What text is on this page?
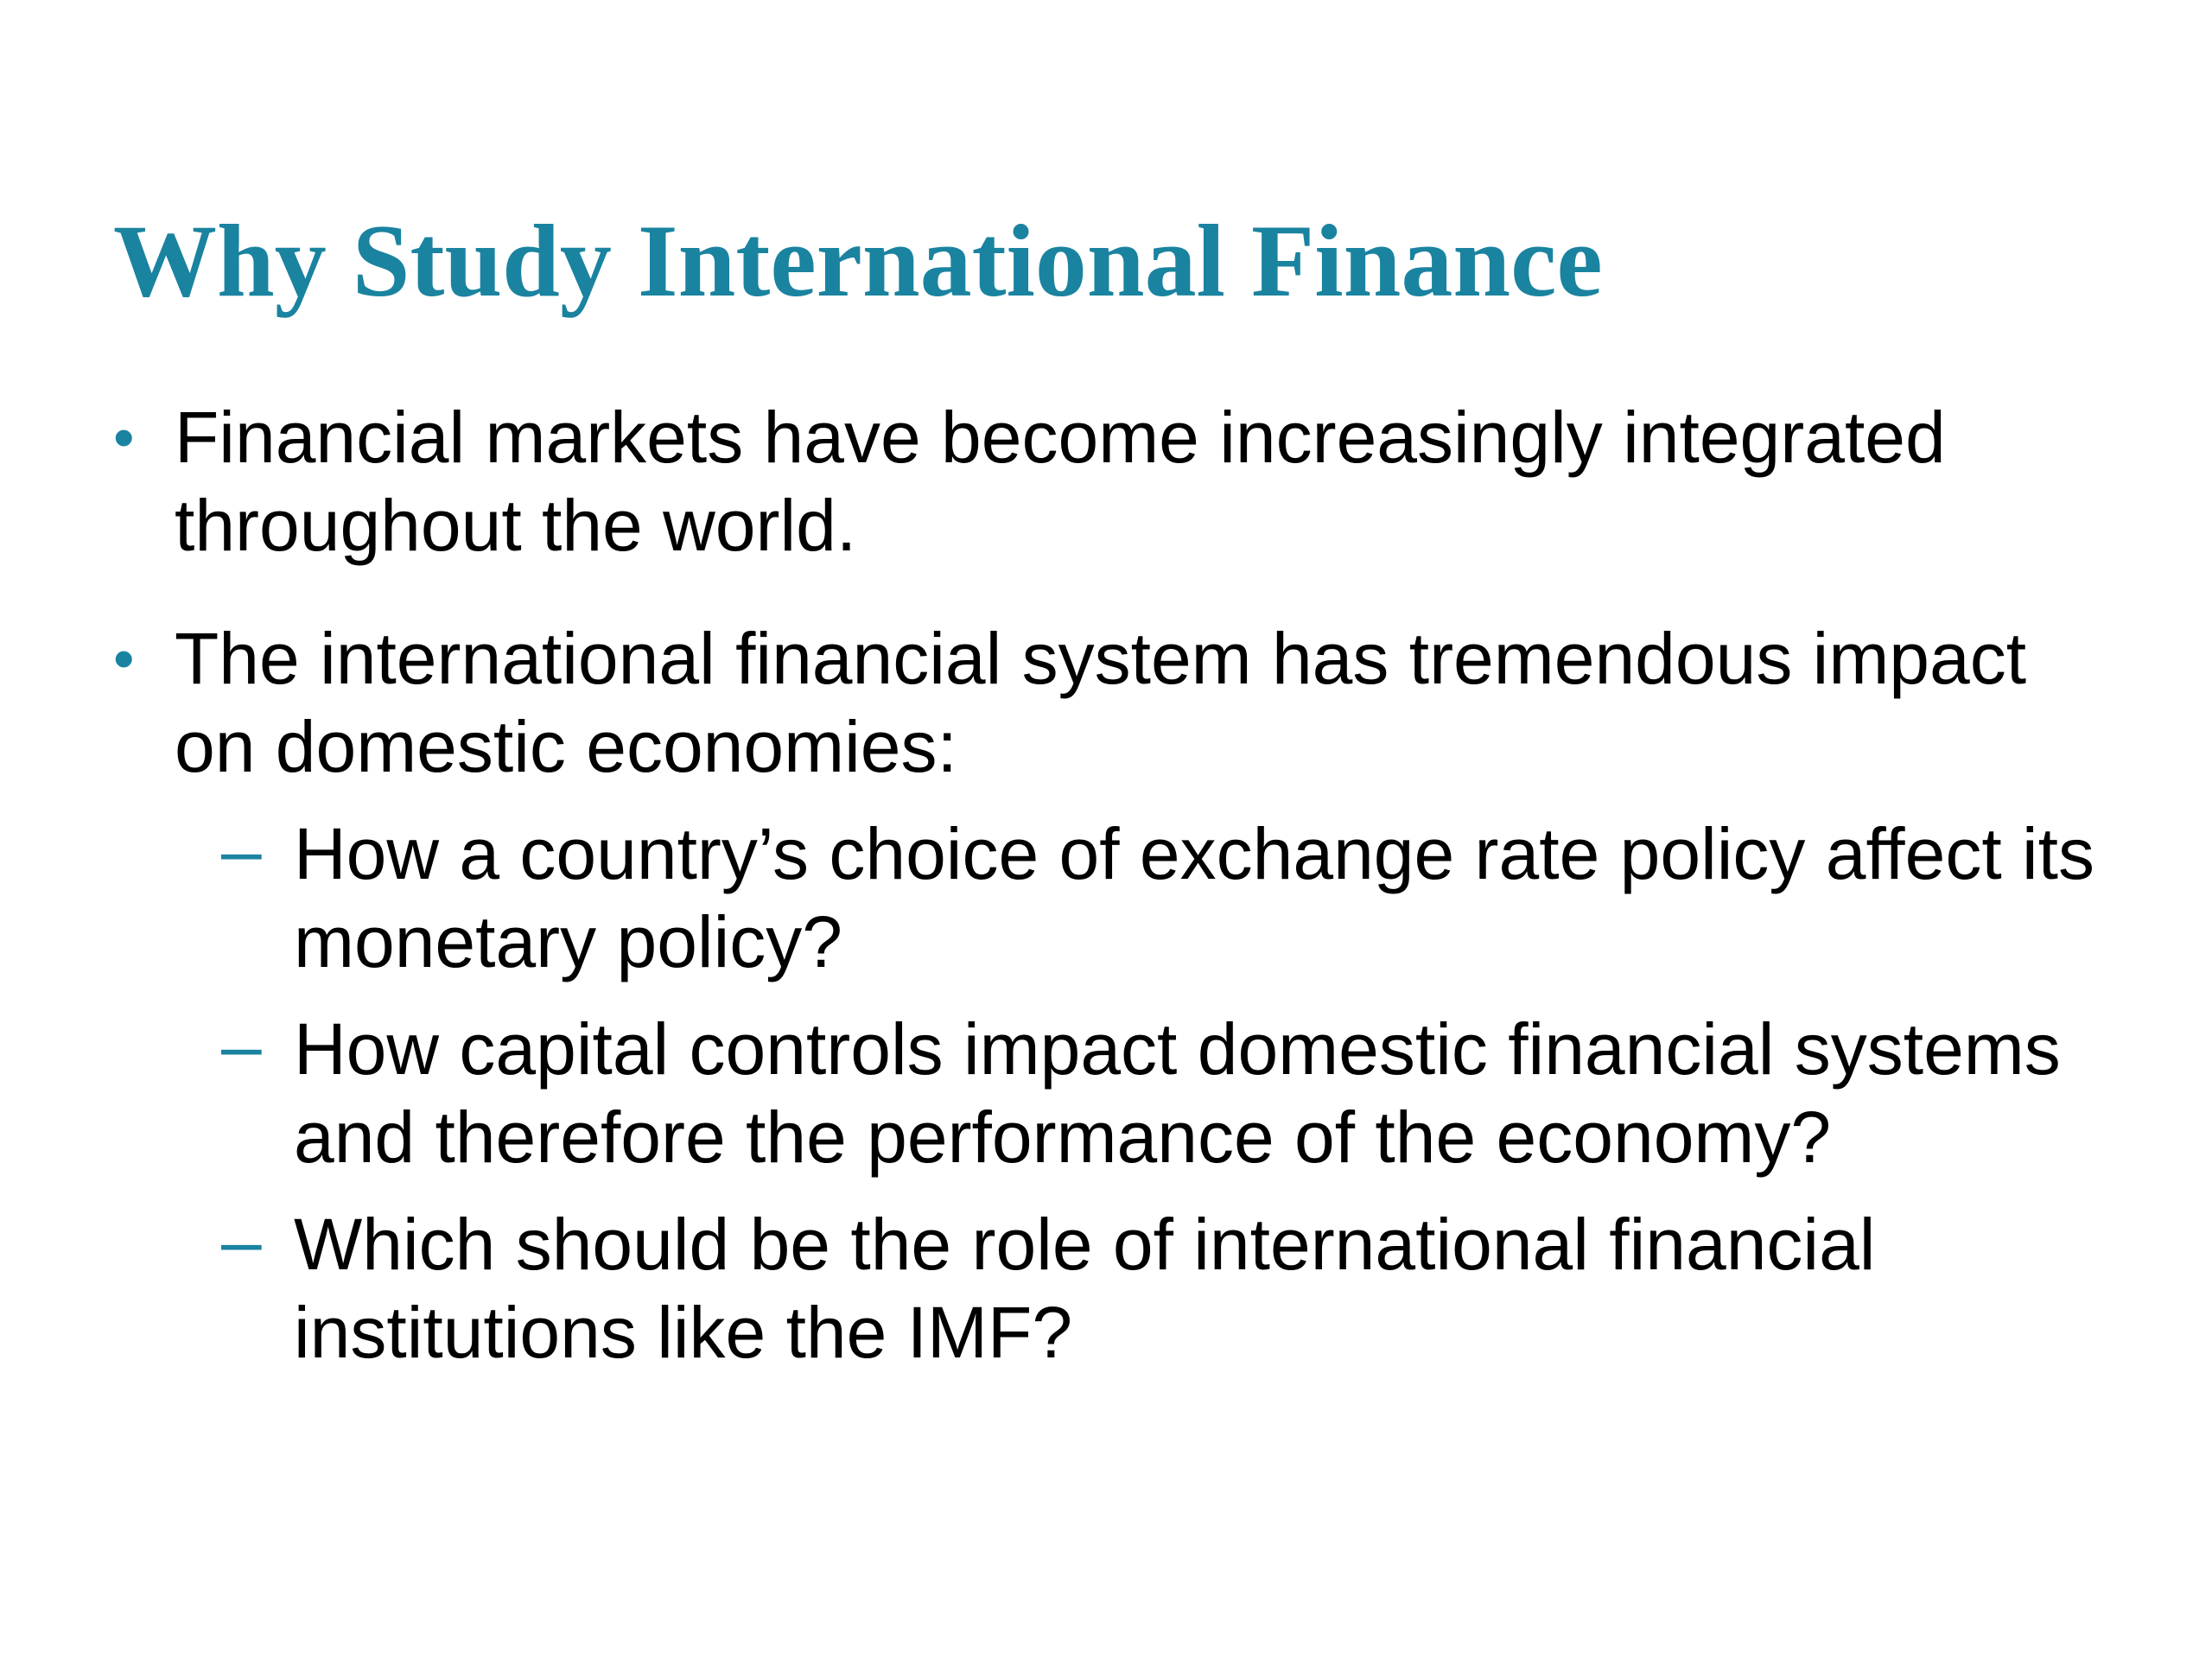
Why Study International Finance
• Financial markets have become increasingly integrated throughout the world.
• The international financial system has tremendous impact on domestic economies:
– How a country’s choice of exchange rate policy affect its monetary policy?
– How capital controls impact domestic financial systems and therefore the performance of the economy?
– Which should be the role of international financial institutions like the IMF?
